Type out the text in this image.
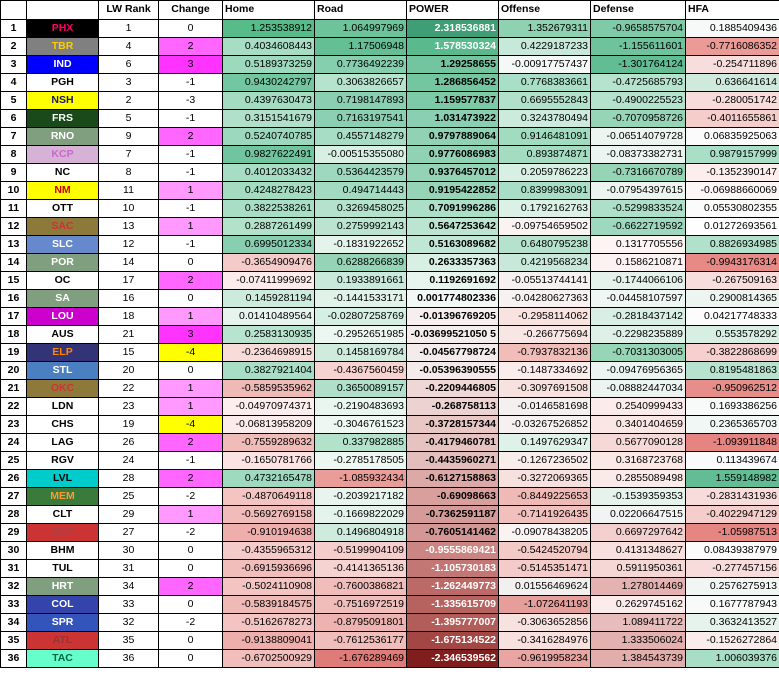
		LW Rank	Change	Home	Road	POWER	Offense	Defense	HFA
1	PHX	1	0	1.253538912	1.064997969	2.318536881	1.352679311	-0.9658575704	0.1885409436
2	TBR	4	2	0.4034608443	1.17506948	1.578530324	0.4229187233	-1.155611601	-0.7716086352
3	IND	6	3	0.5189373259	0.7736492239	1.29258655	-0.00917757437	-1.301764124	-0.254711896
4	PGH	3	-1	0.9430242797	0.3063826657	1.286856452	0.7768383661	-0.4725685793	0.636641614
5	NSH	2	-3	0.4397630473	0.7198147893	1.159577837	0.6695552843	-0.4900225523	-0.280051742
6	FRS	5	-1	0.3151541679	0.7163197541	1.031473922	0.3243780494	-0.7070958726	-0.4011655861
7	RNO	9	2	0.5240740785	0.4557148279	0.9797889064	0.9146481091	-0.06514079728	0.06835925063
8	KCP	7	-1	0.9827622491	-0.00515355080	0.9776086983	0.893874871	-0.08373382731	0.9879157999
9	NC	8	-1	0.4012033432	0.5364423579	0.9376457012	0.2059786223	-0.7316670789	-0.1352390147
10	NM	11	1	0.4248278423	0.494714443	0.9195422852	0.8399983091	-0.07954397615	-0.06988660069
11	OTT	10	-1	0.3822538261	0.3269458025	0.7091996286	0.1792162763	-0.5299833524	0.05530802355
12	SAC	13	1	0.2887261499	0.2759992143	0.5647253642	-0.09754659502	-0.6622719592	0.01272693561
13	SLC	12	-1	0.6995012334	-0.1831922652	0.5163089682	0.6480795238	0.1317705556	0.8826934985
14	POR	14	0	-0.3654909476	0.6288266839	0.2633357363	0.4219568234	0.1586210871	-0.9943176314
15	OC	17	2	-0.07411999692	0.1933891661	0.1192691692	-0.05513744141	-0.1744066106	-0.267509163
16	SA	16	0	0.1459281194	-0.1441533171	0.001774802336	-0.04280627363	-0.04458107597	0.2900814365
17	LOU	18	1	0.01410489564	-0.02807258769	-0.01396769205	-0.2958114062	-0.2818437142	0.04217748333
18	AUS	21	3	0.2583130935	-0.2952651985	-0.03699521050 5	-0.266775694	-0.2298235889	0.553578292
19	ELP	15	-4	-0.2364698915	0.1458169784	-0.04567798724	-0.7937832136	-0.7031303005	-0.3822868699
20	STL	20	0	0.3827921404	-0.4367560459	-0.05396390555	-0.1487334692	-0.09476956365	0.8195481863
21	OKC	22	1	-0.5859535962	0.3650089157	-0.2209446805	-0.3097691508	-0.08882447034	-0.950962512
22	LDN	23	1	-0.04970974371	-0.2190483693	-0.268758113	-0.0146581698	0.2540999433	0.1693386256
23	CHS	19	-4	-0.06813958209	-0.3046761523	-0.3728157344	-0.03267526852	0.3401404659	0.2365365703
24	LAG	26	2	-0.7559289632	0.337982885	-0.4179460781	0.1497629347	0.5677090128	-1.093911848
25	RGV	24	-1	-0.1650781766	-0.2785178505	-0.4435960271	-0.1267236502	0.3168723768	0.113439674
26	LVL	28	2	0.4732165478	-1.085932434	-0.6127158863	-0.3272069365	0.2855089498	1.559148982
27	MEM	25	-2	-0.4870649118	-0.2039217182	-0.69098663	-0.8449225653	-0.1539359353	-0.2831431936
28	CLT	29	1	-0.5692769158	-0.1669822029	-0.7362591187	-0.7141926435	0.02206647515	-0.4022947129
29	BST	27	-2	-0.910194638	0.1496804918	-0.7605141462	-0.09078438205	0.6697297642	-1.05987513
30	BHM	30	0	-0.4355965312	-0.5199904109	-0.9555869421	-0.5424520794	0.4131348627	0.08439387979
31	TUL	31	0	-0.6915936696	-0.4141365136	-1.105730183	-0.5145351471	0.5911950361	-0.277457156
32	HRT	34	2	-0.5024110908	-0.7600386821	-1.262449773	0.01556469624	1.278014469	0.2576275913
33	COL	33	0	-0.5839184575	-0.7516972519	-1.335615709	-1.072641193	0.2629745162	0.1677787943
34	SPR	32	-2	-0.5162678273	-0.8795091801	-1.395777007	-0.3063652856	1.089411722	0.3632413527
35	ATL	35	0	-0.9138809041	-0.7612536177	-1.675134522	-0.3416284976	1.333506024	-0.1526272864
36	TAC	36	0	-0.6702500929	-1.676289469	-2.346539562	-0.9619958234	1.384543739	1.006039376
